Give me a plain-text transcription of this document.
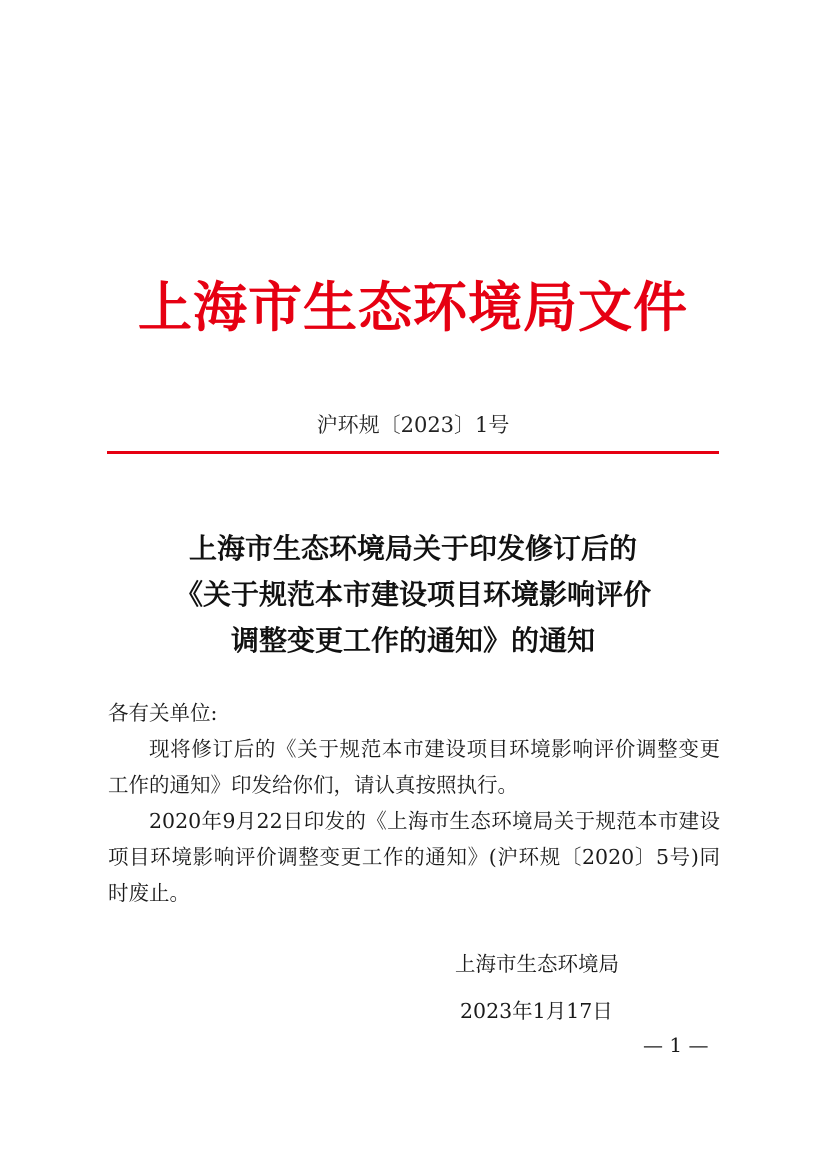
上海市生态环境局文件
沪环规〔2023〕1号
上海市生态环境局关于印发修订后的
《关于规范本市建设项目环境影响评价
调整变更工作的通知》的通知

各有关单位:

现将修订后的《关于规范本市建设项目环境影响评价调整变更工作的通知》印发给你们，请认真按照执行。

2020年9月22日印发的《上海市生态环境局关于规范本市建设项目环境影响评价调整变更工作的通知》(沪环规〔2020〕5号)同时废止。

上海市生态环境局
2023年1月17日
— 1 —
